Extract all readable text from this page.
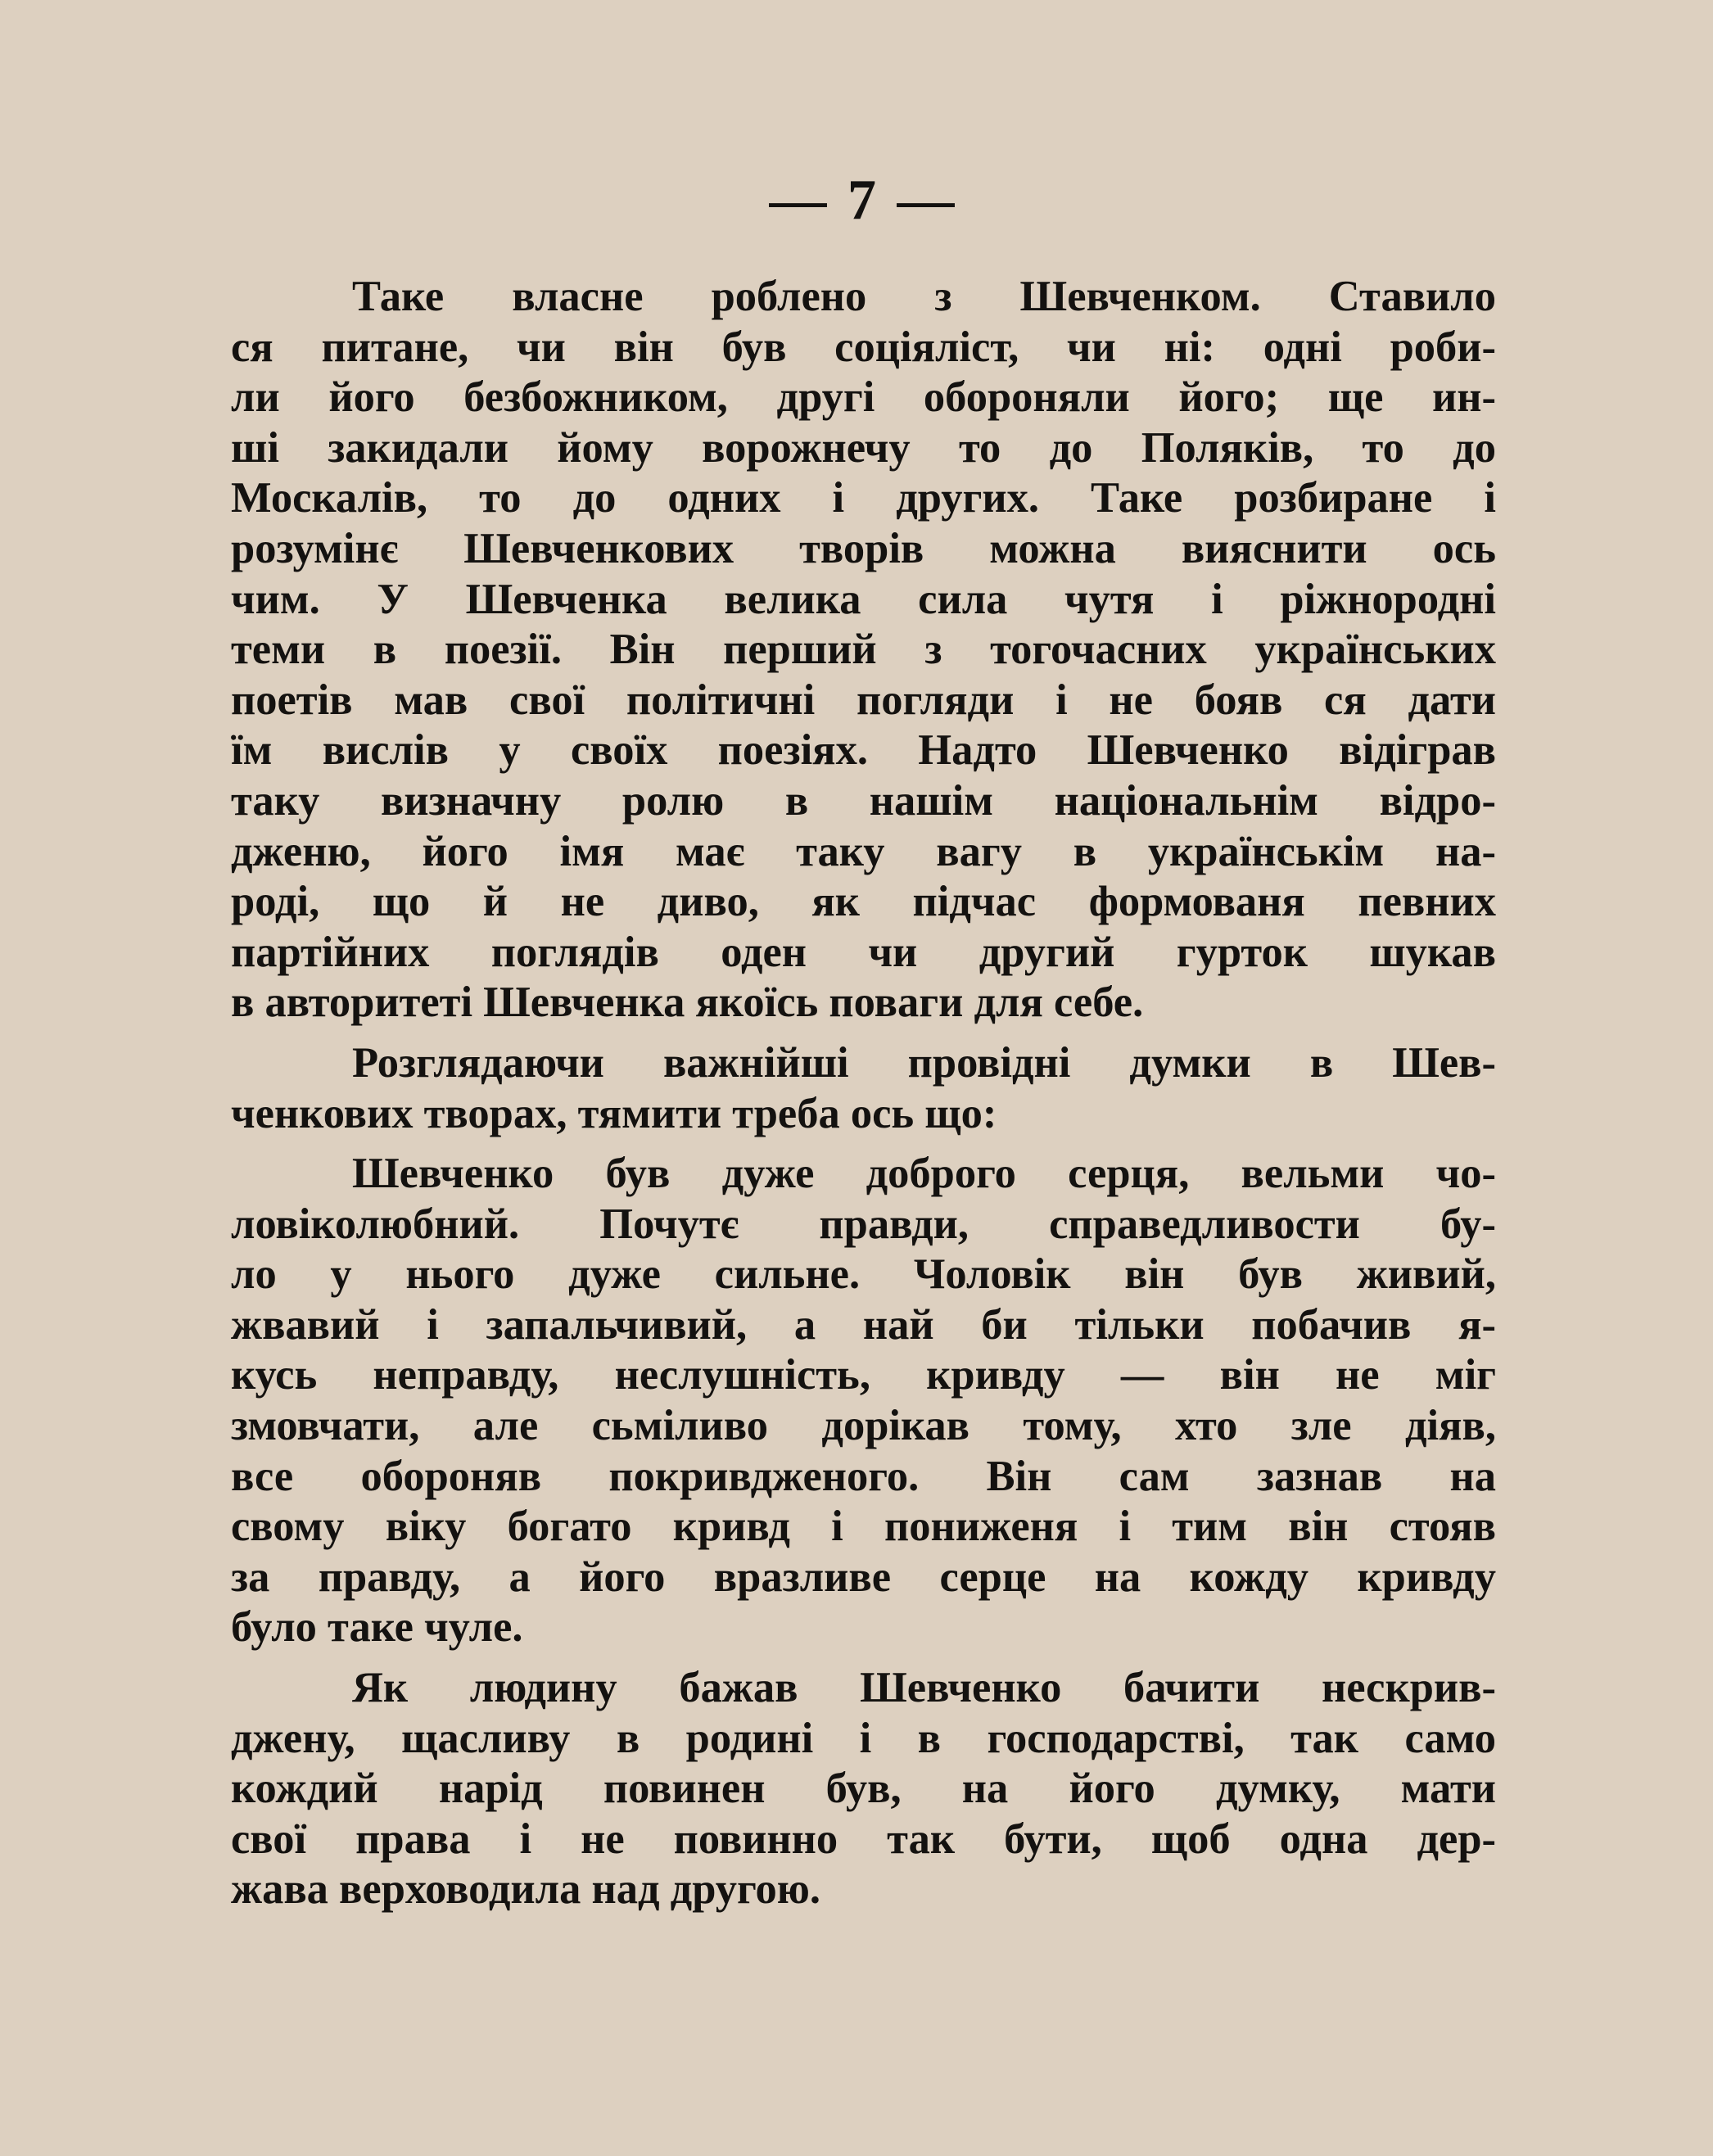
— 7 —
Таке власне роблено з Шевченком. Ставило
ся питане, чи він був соціяліст, чи ні: одні роби-
ли його безбожником, другі обороняли його; ще ин-
ші закидали йому ворожнечу то до Поляків, то до
Москалів, то до одних і других. Таке розбиране і
розумінє Шевченкових творів можна вияснити ось
чим. У Шевченка велика сила чутя і ріжнородні
теми в поезії. Він перший з тогочасних українських
поетів мав свої політичні погляди і не бояв ся дати
їм вислів у своїх поезіях. Надто Шевченко відіграв
таку визначну ролю в нашім національнім відро-
дженю, його імя має таку вагу в українськім на-
роді, що й не диво, як підчас формованя певних
партійних поглядів оден чи другий гурток шукав
в авторитеті Шевченка якоїсь поваги для себе.
Розглядаючи важнійші провідні думки в Шев-
ченкових творах, тямити треба ось що:
Шевченко був дуже доброго серця, вельми чо-
ловіколюбний. Почутє правди, справедливости бу-
ло у нього дуже сильне. Чоловік він був живий,
жвавий і запальчивий, а най би тільки побачив я-
кусь неправду, неслушність, кривду — він не міг
змовчати, але сьміливо дорікав тому, хто зле діяв,
все обороняв покривдженого. Він сам зазнав на
свому віку богато кривд і пониженя і тим він стояв
за правду, а його вразливе серце на кожду кривду
було таке чуле.
Як людину бажав Шевченко бачити нескрив-
джену, щасливу в родині і в господарстві, так само
кождий нарід повинен був, на його думку, мати
свої права і не повинно так бути, щоб одна дер-
жава верховодила над другою.
